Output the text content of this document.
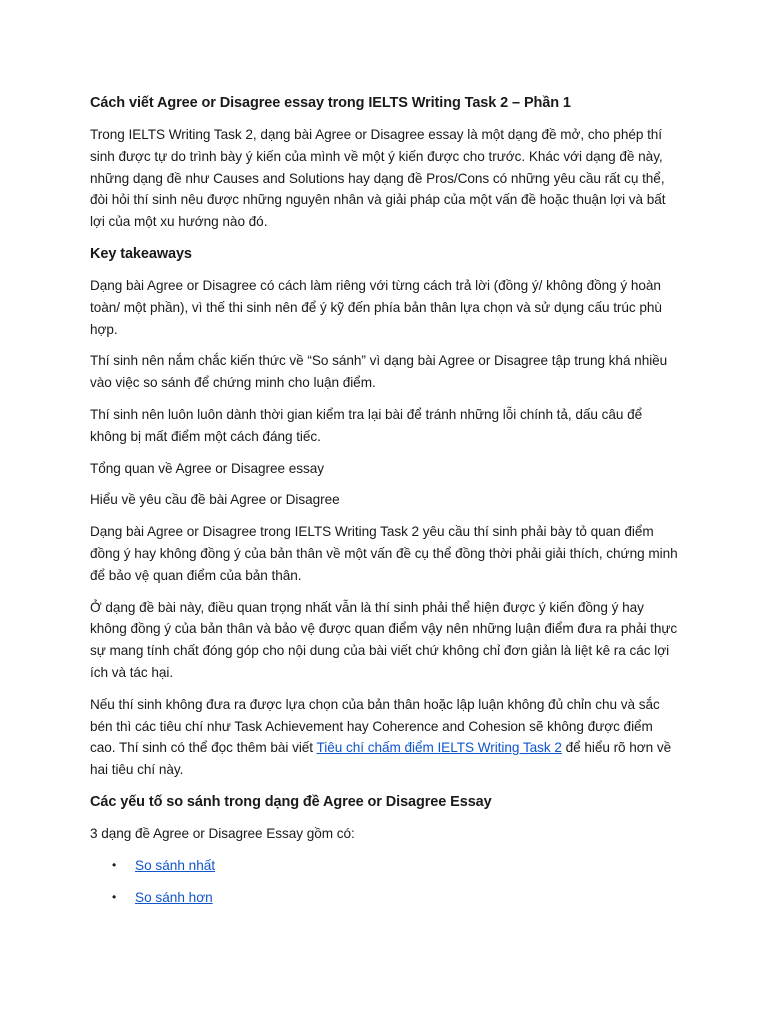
Cách viết Agree or Disagree essay trong IELTS Writing Task 2 – Phần 1

Trong IELTS Writing Task 2, dạng bài Agree or Disagree essay là một dạng đề mở, cho phép thí sinh được tự do trình bày ý kiến của mình về một ý kiến được cho trước. Khác với dạng đề này, những dạng đề như Causes and Solutions hay dạng đề Pros/Cons có những yêu cầu rất cụ thể, đòi hỏi thí sinh nêu được những nguyên nhân và giải pháp của một vấn đề hoặc thuận lợi và bất lợi của một xu hướng nào đó.

Key takeaways

Dạng bài Agree or Disagree có cách làm riêng với từng cách trả lời (đồng ý/ không đồng ý hoàn toàn/ một phần), vì thế thi sinh nên để ý kỹ đến phía bản thân lựa chọn và sử dụng cấu trúc phù hợp.

Thí sinh nên nắm chắc kiến thức về “So sánh” vì dạng bài Agree or Disagree tập trung khá nhiều vào việc so sánh để chứng minh cho luận điểm.

Thí sinh nên luôn luôn dành thời gian kiểm tra lại bài để tránh những lỗi chính tả, dấu câu để không bị mất điểm một cách đáng tiếc.

Tổng quan về Agree or Disagree essay

Hiểu về yêu cầu đề bài Agree or Disagree

Dạng bài Agree or Disagree trong IELTS Writing Task 2 yêu cầu thí sinh phải bày tỏ quan điểm đồng ý hay không đồng ý của bản thân về một vấn đề cụ thể đồng thời phải giải thích, chứng minh để bảo vệ quan điểm của bản thân.

Ở dạng đề bài này, điều quan trọng nhất vẫn là thí sinh phải thể hiện được ý kiến đồng ý hay không đồng ý của bản thân và bảo vệ được quan điểm vậy nên những luận điểm đưa ra phải thực sự mang tính chất đóng góp cho nội dung của bài viết chứ không chỉ đơn giản là liệt kê ra các lợi ích và tác hại.

Nếu thí sinh không đưa ra được lựa chọn của bản thân hoặc lập luận không đủ chỉn chu và sắc bén thì các tiêu chí như Task Achievement hay Coherence and Cohesion sẽ không được điểm cao. Thí sinh có thể đọc thêm bài viết Tiêu chí chấm điểm IELTS Writing Task 2 để hiểu rõ hơn về hai tiêu chí này.

Các yếu tố so sánh trong dạng đề Agree or Disagree Essay

3 dạng đề Agree or Disagree Essay gồm có:

• So sánh nhất
• So sánh hơn
